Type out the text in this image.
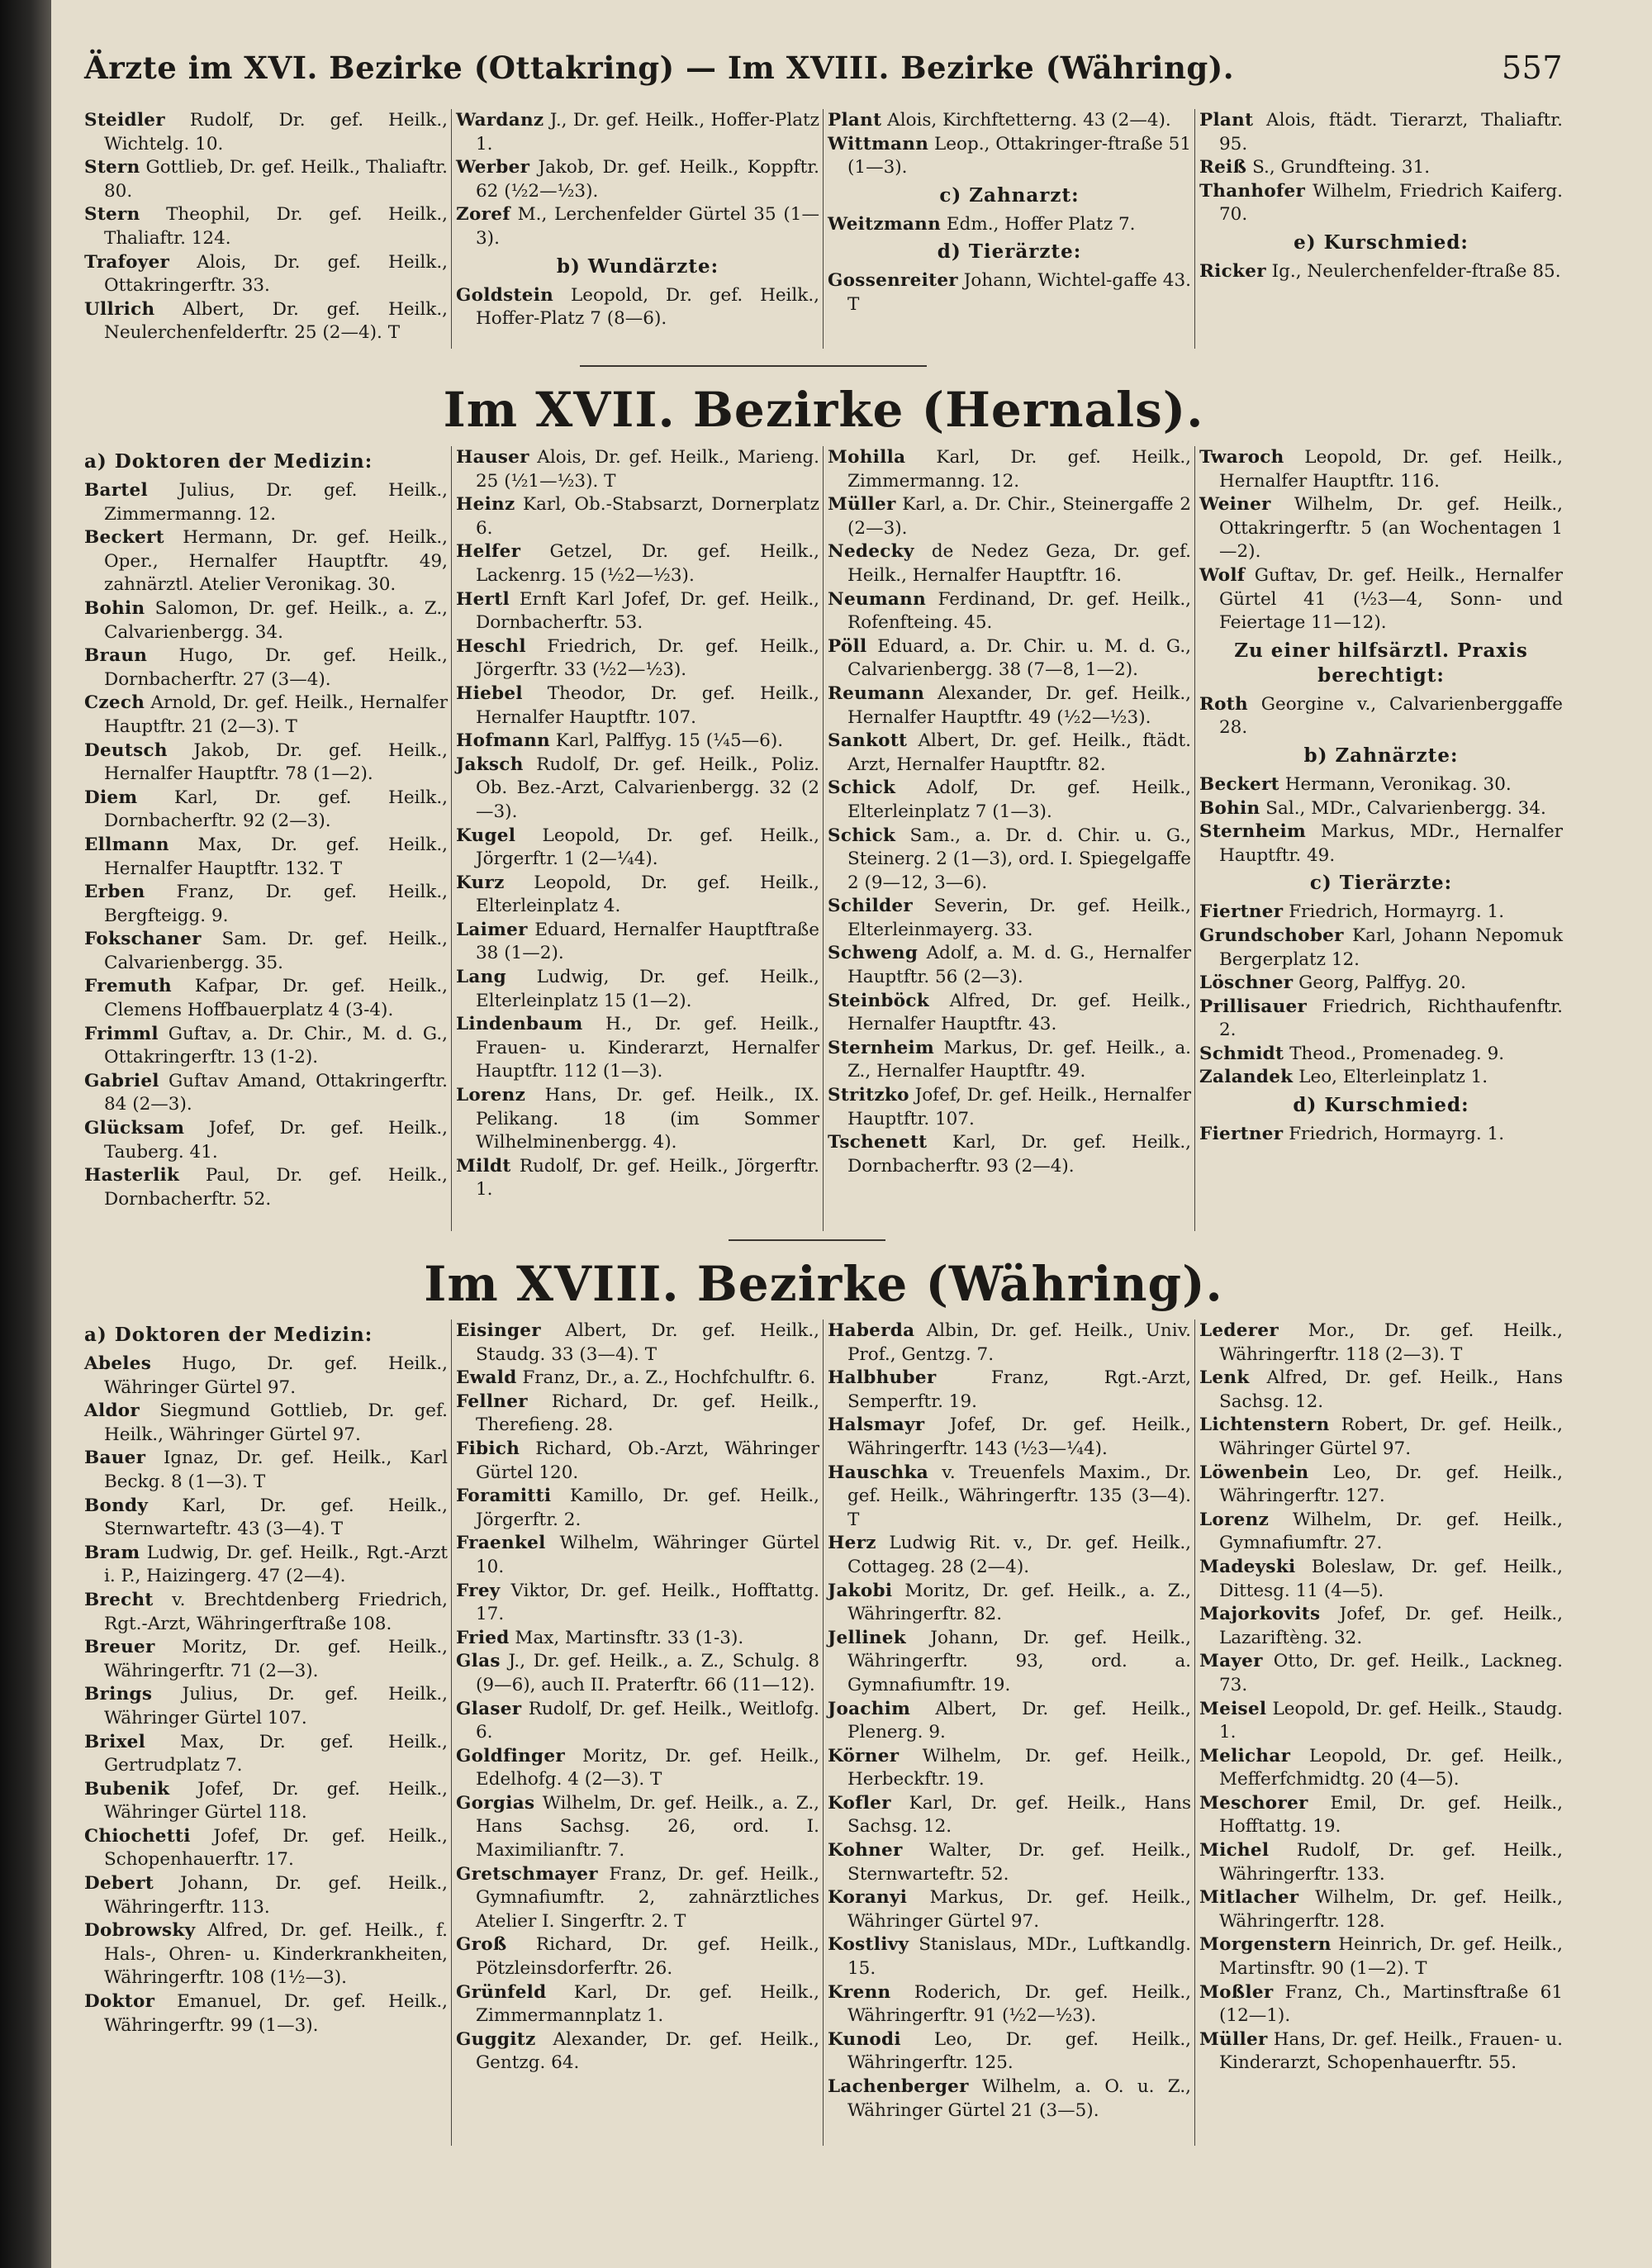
Ärzte im XVI. Bezirke (Ottakring) — Im XVIII. Bezirke (Währing).	557
Steidler Rudolf, Dr. gef. Heilk., Wichtelg. 10.
Stern Gottlieb, Dr. gef. Heilk., Thaliaftr. 80.
Stern Theophil, Dr. gef. Heilk., Thaliaftr. 124.
Trafoyer Alois, Dr. gef. Heilk., Ottakringerftr. 33.
Ullrich Albert, Dr. gef. Heilk., Neulerchenfelderftr. 25 (2—4). T
Wardanz J., Dr. gef. Heilk., Hoffer-Platz 1.
Werber Jakob, Dr. gef. Heilk., Koppftr. 62 (½2—½3).
Zoref M., Lerchenfelder Gürtel 35 (1—3).
b) Wundärzte:
Goldstein Leopold, Dr. gef. Heilk., Hoffer-Platz 7 (8—6).
Plant Alois, Kirchftetterng. 43 (2—4).
Wittmann Leop., Ottakringer-ftraße 51 (1—3).
c) Zahnarzt:
Weitzmann Edm., Hoffer Platz 7.
d) Tierärzte:
Gossenreiter Johann, Wichtel-gaffe 43. T
Plant Alois, ftädt. Tierarzt, Thaliaftr. 95.
Reiß S., Grundfteing. 31.
Thanhofer Wilhelm, Friedrich Kaiferg. 70.
e) Kurschmied:
Ricker Ig., Neulerchenfelder-ftraße 85.
Im XVII. Bezirke (Hernals).
a) Doktoren der Medizin:
Bartel Julius, Dr. gef. Heilk., Zimmermanng. 12.
Beckert Hermann, Dr. gef. Heilk., Oper., Hernalfer Hauptftr. 49, zahnärztl. Atelier Veronikag. 30.
Bohin Salomon, Dr. gef. Heilk., a. Z., Calvarienbergg. 34.
Braun Hugo, Dr. gef. Heilk., Dornbacherftr. 27 (3—4).
Czech Arnold, Dr. gef. Heilk., Hernalfer Hauptftr. 21 (2—3). T
Deutsch Jakob, Dr. gef. Heilk., Hernalfer Hauptftr. 78 (1—2).
Diem Karl, Dr. gef. Heilk., Dornbacherftr. 92 (2—3).
Ellmann Max, Dr. gef. Heilk., Hernalfer Hauptftr. 132. T
Erben Franz, Dr. gef. Heilk., Bergfteigg. 9.
Fokschaner Sam. Dr. gef. Heilk., Calvarienbergg. 35.
Fremuth Kafpar, Dr. gef. Heilk., Clemens Hoffbauerplatz 4 (3-4).
Frimml Guftav, a. Dr. Chir., M. d. G., Ottakringerftr. 13 (1-2).
Gabriel Guftav Amand, Ottakringerftr. 84 (2—3).
Glücksam Jofef, Dr. gef. Heilk., Tauberg. 41.
Hasterlik Paul, Dr. gef. Heilk., Dornbacherftr. 52.
Hauser Alois, Dr. gef. Heilk., Marieng. 25 (½1—½3). T
Heinz Karl, Ob.-Stabsarzt, Dornerplatz 6.
Helfer Getzel, Dr. gef. Heilk., Lackenrg. 15 (½2—½3).
Hertl Ernft Karl Jofef, Dr. gef. Heilk., Dornbacherftr. 53.
Heschl Friedrich, Dr. gef. Heilk., Jörgerftr. 33 (½2—½3).
Hiebel Theodor, Dr. gef. Heilk., Hernalfer Hauptftr. 107.
Hofmann Karl, Palffyg. 15 (¼5—6).
Jaksch Rudolf, Dr. gef. Heilk., Poliz. Ob. Bez.-Arzt, Calvarienbergg. 32 (2—3).
Kugel Leopold, Dr. gef. Heilk., Jörgerftr. 1 (2—¼4).
Kurz Leopold, Dr. gef. Heilk., Elterleinplatz 4.
Laimer Eduard, Hernalfer Hauptftraße 38 (1—2).
Lang Ludwig, Dr. gef. Heilk., Elterleinplatz 15 (1—2).
Lindenbaum H., Dr. gef. Heilk., Frauen- u. Kinderarzt, Hernalfer Hauptftr. 112 (1—3).
Lorenz Hans, Dr. gef. Heilk., IX. Pelikang. 18 (im Sommer Wilhelminenbergg. 4).
Mildt Rudolf, Dr. gef. Heilk., Jörgerftr. 1.
Mohilla Karl, Dr. gef. Heilk., Zimmermanng. 12.
Müller Karl, a. Dr. Chir., Steinergaffe 2 (2—3).
Nedecky de Nedez Geza, Dr. gef. Heilk., Hernalfer Hauptftr. 16.
Neumann Ferdinand, Dr. gef. Heilk., Rofenfteing. 45.
Pöll Eduard, a. Dr. Chir. u. M. d. G., Calvarienbergg. 38 (7—8, 1—2).
Reumann Alexander, Dr. gef. Heilk., Hernalfer Hauptftr. 49 (½2—½3).
Sankott Albert, Dr. gef. Heilk., ftädt. Arzt, Hernalfer Hauptftr. 82.
Schick Adolf, Dr. gef. Heilk., Elterleinplatz 7 (1—3).
Schick Sam., a. Dr. d. Chir. u. G., Steinerg. 2 (1—3), ord. I. Spiegelgaffe 2 (9—12, 3—6).
Schilder Severin, Dr. gef. Heilk., Elterleinmayerg. 33.
Schweng Adolf, a. M. d. G., Hernalfer Hauptftr. 56 (2—3).
Steinböck Alfred, Dr. gef. Heilk., Hernalfer Hauptftr. 43.
Sternheim Markus, Dr. gef. Heilk., a. Z., Hernalfer Hauptftr. 49.
Stritzko Jofef, Dr. gef. Heilk., Hernalfer Hauptftr. 107.
Tschenett Karl, Dr. gef. Heilk., Dornbacherftr. 93 (2—4).
Twaroch Leopold, Dr. gef. Heilk., Hernalfer Hauptftr. 116.
Weiner Wilhelm, Dr. gef. Heilk., Ottakringerftr. 5 (an Wochentagen 1—2).
Wolf Guftav, Dr. gef. Heilk., Hernalfer Gürtel 41 (½3—4, Sonn- und Feiertage 11—12).
Zu einer hilfsärztl. Praxis berechtigt:
Roth Georgine v., Calvarienberggaffe 28.
b) Zahnärzte:
Beckert Hermann, Veronikag. 30.
Bohin Sal., MDr., Calvarienbergg. 34.
Sternheim Markus, MDr., Hernalfer Hauptftr. 49.
c) Tierärzte:
Fiertner Friedrich, Hormayrg. 1.
Grundschober Karl, Johann Nepomuk Bergerplatz 12.
Löschner Georg, Palffyg. 20.
Prillisauer Friedrich, Richthaufenftr. 2.
Schmidt Theod., Promenadeg. 9.
Zalandek Leo, Elterleinplatz 1.
d) Kurschmied:
Fiertner Friedrich, Hormayrg. 1.
Im XVIII. Bezirke (Währing).
a) Doktoren der Medizin:
Abeles Hugo, Dr. gef. Heilk., Währinger Gürtel 97.
Aldor Siegmund Gottlieb, Dr. gef. Heilk., Währinger Gürtel 97.
Bauer Ignaz, Dr. gef. Heilk., Karl Beckg. 8 (1—3). T
Bondy Karl, Dr. gef. Heilk., Sternwarteftr. 43 (3—4). T
Bram Ludwig, Dr. gef. Heilk., Rgt.-Arzt i. P., Haizingerg. 47 (2—4).
Brecht v. Brechtdenberg Friedrich, Rgt.-Arzt, Währingerftraße 108.
Breuer Moritz, Dr. gef. Heilk., Währingerftr. 71 (2—3).
Brings Julius, Dr. gef. Heilk., Währinger Gürtel 107.
Brixel Max, Dr. gef. Heilk., Gertrudplatz 7.
Bubenik Jofef, Dr. gef. Heilk., Währinger Gürtel 118.
Chiochetti Jofef, Dr. gef. Heilk., Schopenhauerftr. 17.
Debert Johann, Dr. gef. Heilk., Währingerftr. 113.
Dobrowsky Alfred, Dr. gef. Heilk., f. Hals-, Ohren- u. Kinderkrankheiten, Währingerftr. 108 (1½—3).
Doktor Emanuel, Dr. gef. Heilk., Währingerftr. 99 (1—3).
Eisinger Albert, Dr. gef. Heilk., Staudg. 33 (3—4). T
Ewald Franz, Dr., a. Z., Hochfchulftr. 6.
Fellner Richard, Dr. gef. Heilk., Therefieng. 28.
Fibich Richard, Ob.-Arzt, Währinger Gürtel 120.
Foramitti Kamillo, Dr. gef. Heilk., Jörgerftr. 2.
Fraenkel Wilhelm, Währinger Gürtel 10.
Frey Viktor, Dr. gef. Heilk., Hofftattg. 17.
Fried Max, Martinsftr. 33 (1-3).
Glas J., Dr. gef. Heilk., a. Z., Schulg. 8 (9—6), auch II. Praterftr. 66 (11—12).
Glaser Rudolf, Dr. gef. Heilk., Weitlofg. 6.
Goldfinger Moritz, Dr. gef. Heilk., Edelhofg. 4 (2—3). T
Gorgias Wilhelm, Dr. gef. Heilk., a. Z., Hans Sachsg. 26, ord. I. Maximilianftr. 7.
Gretschmayer Franz, Dr. gef. Heilk., Gymnafiumftr. 2, zahnärztliches Atelier I. Singerftr. 2. T
Groß Richard, Dr. gef. Heilk., Pötzleinsdorferftr. 26.
Grünfeld Karl, Dr. gef. Heilk., Zimmermannplatz 1.
Guggitz Alexander, Dr. gef. Heilk., Gentzg. 64.
Haberda Albin, Dr. gef. Heilk., Univ. Prof., Gentzg. 7.
Halbhuber Franz, Rgt.-Arzt, Semperftr. 19.
Halsmayr Jofef, Dr. gef. Heilk., Währingerftr. 143 (½3—¼4).
Hauschka v. Treuenfels Maxim., Dr. gef. Heilk., Währingerftr. 135 (3—4). T
Herz Ludwig Rit. v., Dr. gef. Heilk., Cottageg. 28 (2—4).
Jakobi Moritz, Dr. gef. Heilk., a. Z., Währingerftr. 82.
Jellinek Johann, Dr. gef. Heilk., Währingerftr. 93, ord. a. Gymnafiumftr. 19.
Joachim Albert, Dr. gef. Heilk., Plenerg. 9.
Körner Wilhelm, Dr. gef. Heilk., Herbeckftr. 19.
Kofler Karl, Dr. gef. Heilk., Hans Sachsg. 12.
Kohner Walter, Dr. gef. Heilk., Sternwarteftr. 52.
Koranyi Markus, Dr. gef. Heilk., Währinger Gürtel 97.
Kostlivy Stanislaus, MDr., Luftkandlg. 15.
Krenn Roderich, Dr. gef. Heilk., Währingerftr. 91 (½2—½3).
Kunodi Leo, Dr. gef. Heilk., Währingerftr. 125.
Lachenberger Wilhelm, a. O. u. Z., Währinger Gürtel 21 (3—5).
Lederer Mor., Dr. gef. Heilk., Währingerftr. 118 (2—3). T
Lenk Alfred, Dr. gef. Heilk., Hans Sachsg. 12.
Lichtenstern Robert, Dr. gef. Heilk., Währinger Gürtel 97.
Löwenbein Leo, Dr. gef. Heilk., Währingerftr. 127.
Lorenz Wilhelm, Dr. gef. Heilk., Gymnafiumftr. 27.
Madeyski Boleslaw, Dr. gef. Heilk., Dittesg. 11 (4—5).
Majorkovits Jofef, Dr. gef. Heilk., Lazariftèng. 32.
Mayer Otto, Dr. gef. Heilk., Lackneg. 73.
Meisel Leopold, Dr. gef. Heilk., Staudg. 1.
Melichar Leopold, Dr. gef. Heilk., Mefferfchmidtg. 20 (4—5).
Meschorer Emil, Dr. gef. Heilk., Hofftattg. 19.
Michel Rudolf, Dr. gef. Heilk., Währingerftr. 133.
Mitlacher Wilhelm, Dr. gef. Heilk., Währingerftr. 128.
Morgenstern Heinrich, Dr. gef. Heilk., Martinsftr. 90 (1—2). T
Moßler Franz, Ch., Martinsftraße 61 (12—1).
Müller Hans, Dr. gef. Heilk., Frauen- u. Kinderarzt, Schopenhauerftr. 55.
